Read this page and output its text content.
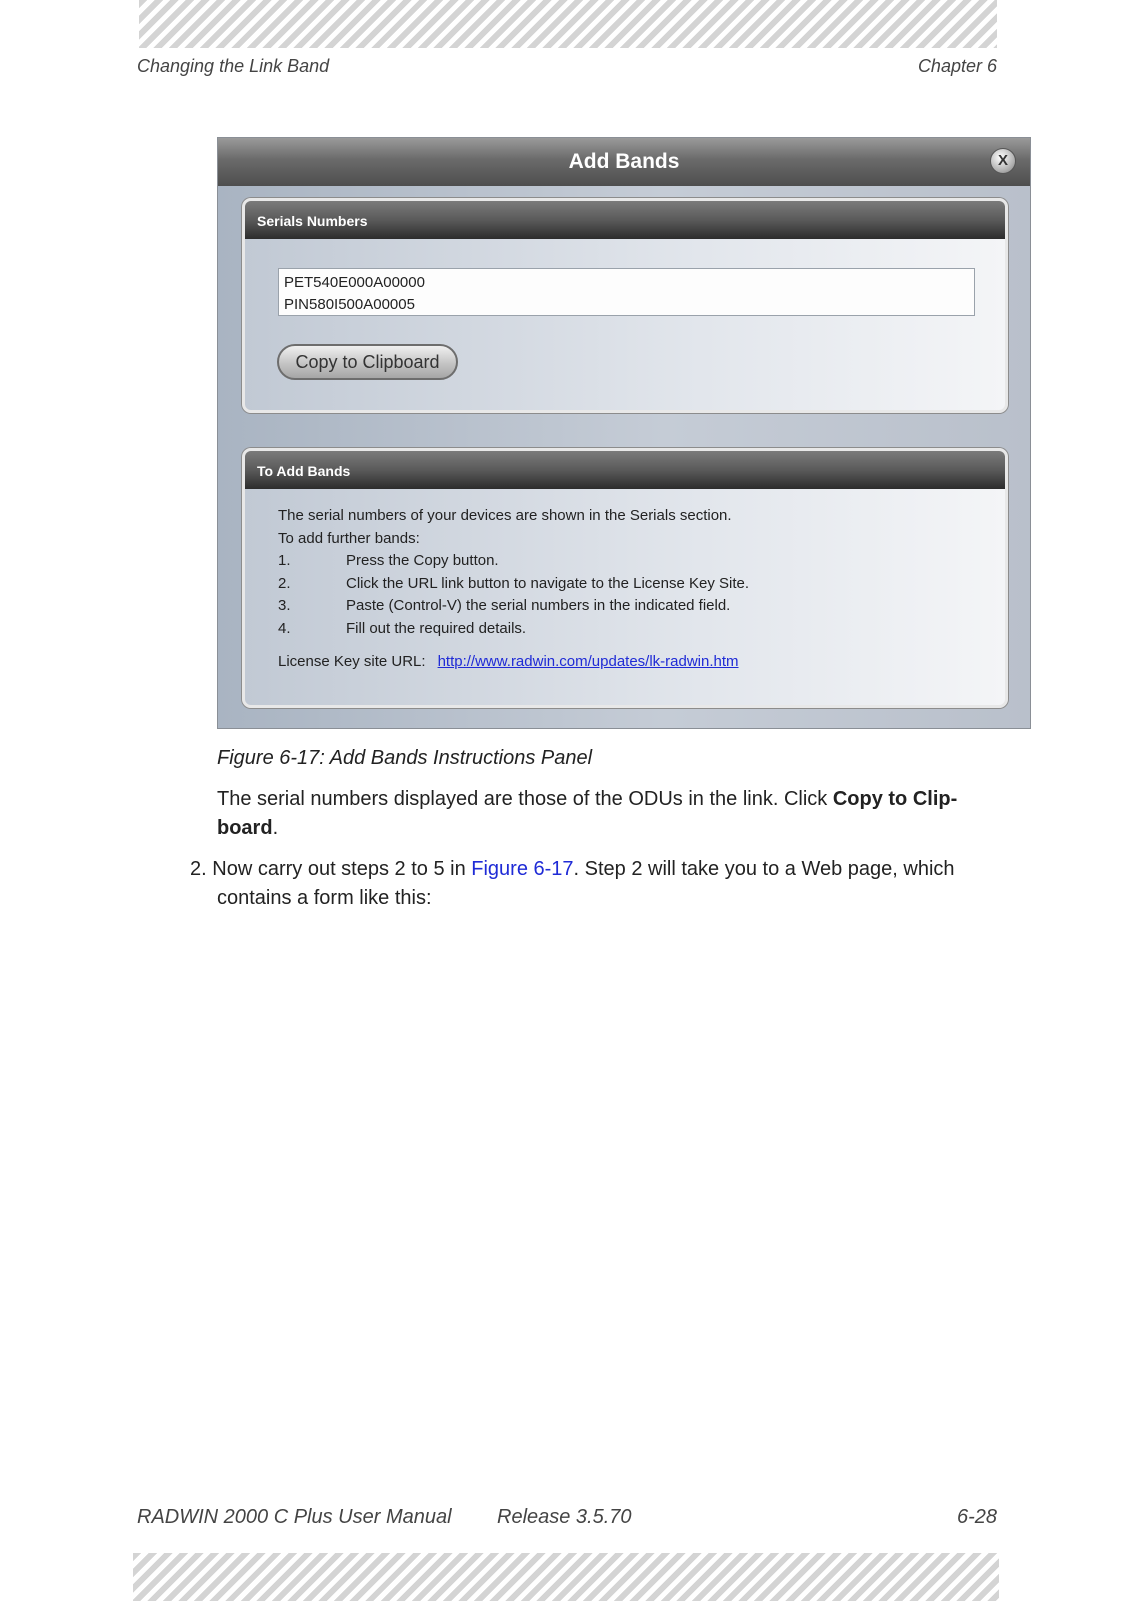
Changing the Link Band	Chapter 6
Add Bands	X
Serials Numbers
PET540E000A00000
PIN580I500A00005
Copy to Clipboard
To Add Bands
The serial numbers of your devices are shown in the Serials section.
To add further bands:
1.	Press the Copy button.
2.	Click the URL link button to navigate to the License Key Site.
3.	Paste (Control-V) the serial numbers in the indicated field.
4.	Fill out the required details.
License Key site URL: http://www.radwin.com/updates/lk-radwin.htm
Figure 6-17: Add Bands Instructions Panel
The serial numbers displayed are those of the ODUs in the link. Click Copy to Clip-
board.
2. Now carry out steps 2 to 5 in Figure 6-17. Step 2 will take you to a Web page, which
contains a form like this:
RADWIN 2000 C Plus User Manual Release 3.5.70	6-28
